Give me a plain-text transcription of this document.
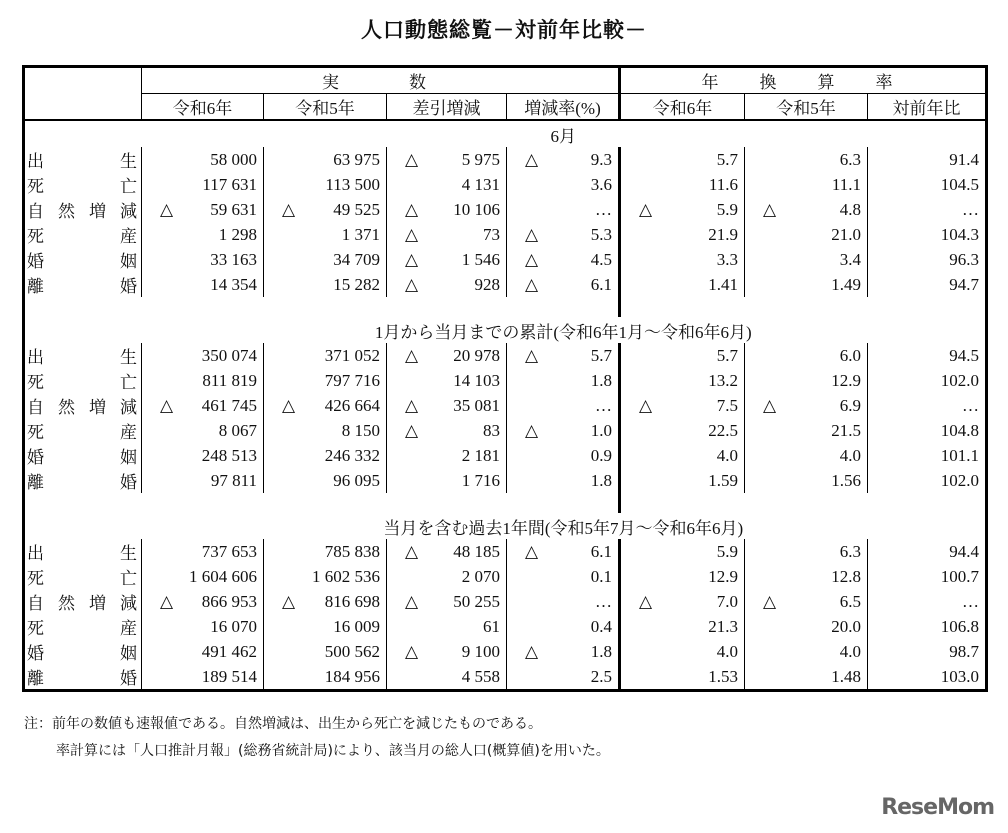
人口動態総覧－対前年比較－
	実　　数				年　換　算　率		
	令和6年	令和5年	差引増減	増減率(%)	令和6年	令和5年	対前年比
	6月						

出生	58 000	63 975	△ 5 975	△ 9.3	5.7	6.3	91.4

死亡	117 631	113 500	4 131	3.6	11.6	11.1	104.5

自然増減	△ 59 631	△ 49 525	△ 10 106	…	△ 5.9	△ 4.8	…

死産	1 298	1 371	△ 73	△ 5.3	21.9	21.0	104.3

婚姻	33 163	34 709	△ 1 546	△ 4.5	3.3	3.4	96.3

離婚	14 354	15 282	△ 928	△ 6.1	1.41	1.49	94.7

	1月から当月までの累計(令和6年1月～令和6年6月)						

出生	350 074	371 052	△ 20 978	△ 5.7	5.7	6.0	94.5

死亡	811 819	797 716	14 103	1.8	13.2	12.9	102.0

自然増減	△ 461 745	△ 426 664	△ 35 081	…	△ 7.5	△ 6.9	…

死産	8 067	8 150	△ 83	△ 1.0	22.5	21.5	104.8

婚姻	248 513	246 332	2 181	0.9	4.0	4.0	101.1

離婚	97 811	96 095	1 716	1.8	1.59	1.56	102.0

	当月を含む過去1年間(令和5年7月～令和6年6月)						

出生	737 653	785 838	△ 48 185	△ 6.1	5.9	6.3	94.4

死亡	1 604 606	1 602 536	2 070	0.1	12.9	12.8	100.7

自然増減	△ 866 953	△ 816 698	△ 50 255	…	△ 7.0	△ 6.5	…

死産	16 070	16 009	61	0.4	21.3	20.0	106.8

婚姻	491 462	500 562	△ 9 100	△ 1.8	4.0	4.0	98.7

離婚	189 514	184 956	4 558	2.5	1.53	1.48	103.0
注：前年の数値も速報値である。自然増減は、出生から死亡を減じたものである。
率計算には「人口推計月報」(総務省統計局)により、該当月の総人口(概算値)を用いた。
ReseMom
